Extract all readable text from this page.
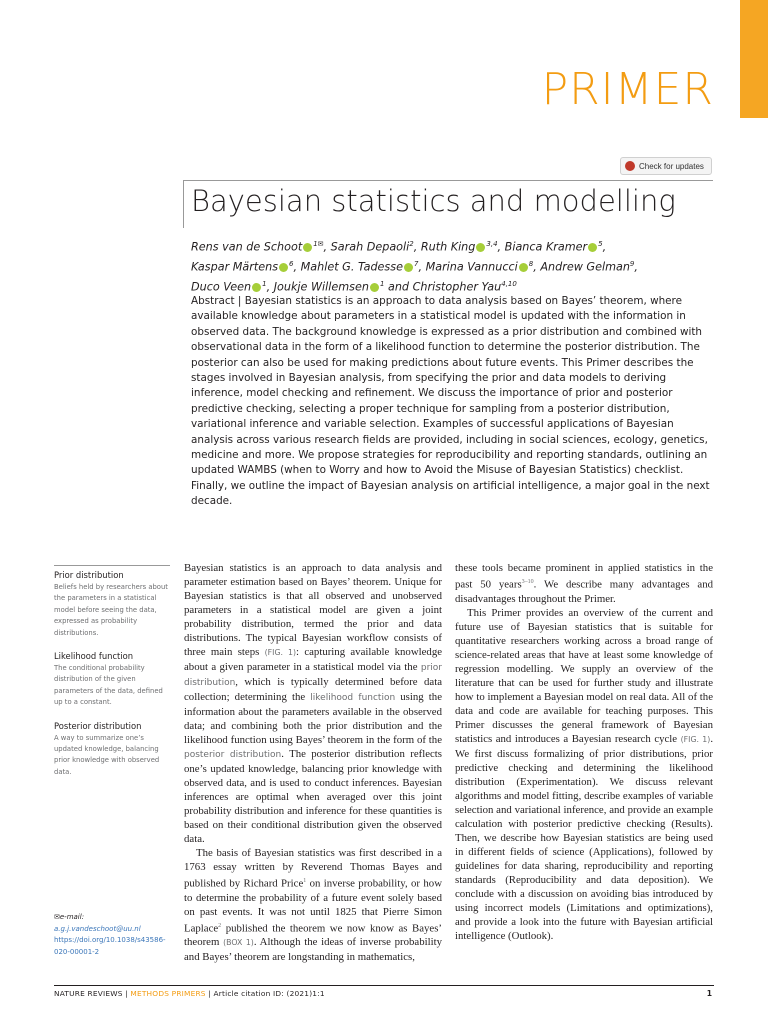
PRIMER
Check for updates
Bayesian statistics and modelling
Rens van de Schoot $^{1✉}$, Sarah Depaoli$^2$, Ruth King $^{3,4}$, Bianca Kramer $^5$,
Kaspar Märtens $^6$, Mahlet G. Tadesse $^7$, Marina Vannucci $^8$, Andrew Gelman$^9$,
Duco Veen $^1$, Joukje Willemsen $^1$ and Christopher Yau$^{4,10}$
Abstract | Bayesian statistics is an approach to data analysis based on Bayes’ theorem, where available knowledge about parameters in a statistical model is updated with the information in observed data. The background knowledge is expressed as a prior distribution and combined with observational data in the form of a likelihood function to determine the posterior distribution. The posterior can also be used for making predictions about future events. This Primer describes the stages involved in Bayesian analysis, from specifying the prior and data models to deriving inference, model checking and refinement. We discuss the importance of prior and posterior predictive checking, selecting a proper technique for sampling from a posterior distribution, variational inference and variable selection. Examples of successful applications of Bayesian analysis across various research fields are provided, including in social sciences, ecology, genetics, medicine and more. We propose strategies for reproducibility and reporting standards, outlining an updated WAMBS (when to Worry and how to Avoid the Misuse of Bayesian Statistics) checklist. Finally, we outline the impact of Bayesian analysis on artificial intelligence, a major goal in the next decade.

Prior distribution

Beliefs held by researchers about the parameters in a statistical model before seeing the data, expressed as probability distributions.

Likelihood function

The conditional probability distribution of the given parameters of the data, defined up to a constant.

Posterior distribution

A way to summarize one’s updated knowledge, balancing prior knowledge with observed data.

✉e-mail: a.g.j.vandeschoot@uu.nl
https://doi.org/10.1038/s43586-020-00001-2

Bayesian statistics is an approach to data analysis and parameter estimation based on Bayes’ theorem. Unique for Bayesian statistics is that all observed and unobserved parameters in a statistical model are given a joint probability distribution, termed the prior and data distributions. The typical Bayesian workflow consists of three main steps (FIG. 1): capturing available knowledge about a given parameter in a statistical model via the prior distribution, which is typically determined before data collection; determining the likelihood function using the information about the parameters available in the observed data; and combining both the prior distribution and the likelihood function using Bayes’ theorem in the form of the posterior distribution. The posterior distribution reflects one’s updated knowledge, balancing prior knowledge with observed data, and is used to conduct inferences. Bayesian inferences are optimal when averaged over this joint probability distribution and inference for these quantities is based on their conditional distribution given the observed data.

The basis of Bayesian statistics was first described in a 1763 essay written by Reverend Thomas Bayes and published by Richard Price$^1$ on inverse probability, or how to determine the probability of a future event solely based on past events. It was not until 1825 that Pierre Simon Laplace$^2$ published the theorem we now know as Bayes’ theorem (BOX 1). Although the ideas of inverse probability and Bayes’ theorem are longstanding in mathematics,

these tools became prominent in applied statistics in the past 50 years$^{3-10}$. We describe many advantages and disadvantages throughout the Primer.

This Primer provides an overview of the current and future use of Bayesian statistics that is suitable for quantitative researchers working across a broad range of science-related areas that have at least some knowledge of regression modelling. We supply an overview of the literature that can be used for further study and illustrate how to implement a Bayesian model on real data. All of the data and code are available for teaching purposes. This Primer discusses the general framework of Bayesian statistics and introduces a Bayesian research cycle (FIG. 1). We first discuss formalizing of prior distributions, prior predictive checking and determining the likelihood distribution (Experimentation). We discuss relevant algorithms and model fitting, describe examples of variable selection and variational inference, and provide an example calculation with posterior predictive checking (Results). Then, we describe how Bayesian statistics are being used in different fields of science (Applications), followed by guidelines for data sharing, reproducibility and reporting standards (Reproducibility and data deposition). We conclude with a discussion on avoiding bias introduced by using incorrect models (Limitations and optimizations), and provide a look into the future with Bayesian artificial intelligence (Outlook).

NATURE REVIEWS | METHODS PRIMERS | Article citation ID: (2021)1:1	1
